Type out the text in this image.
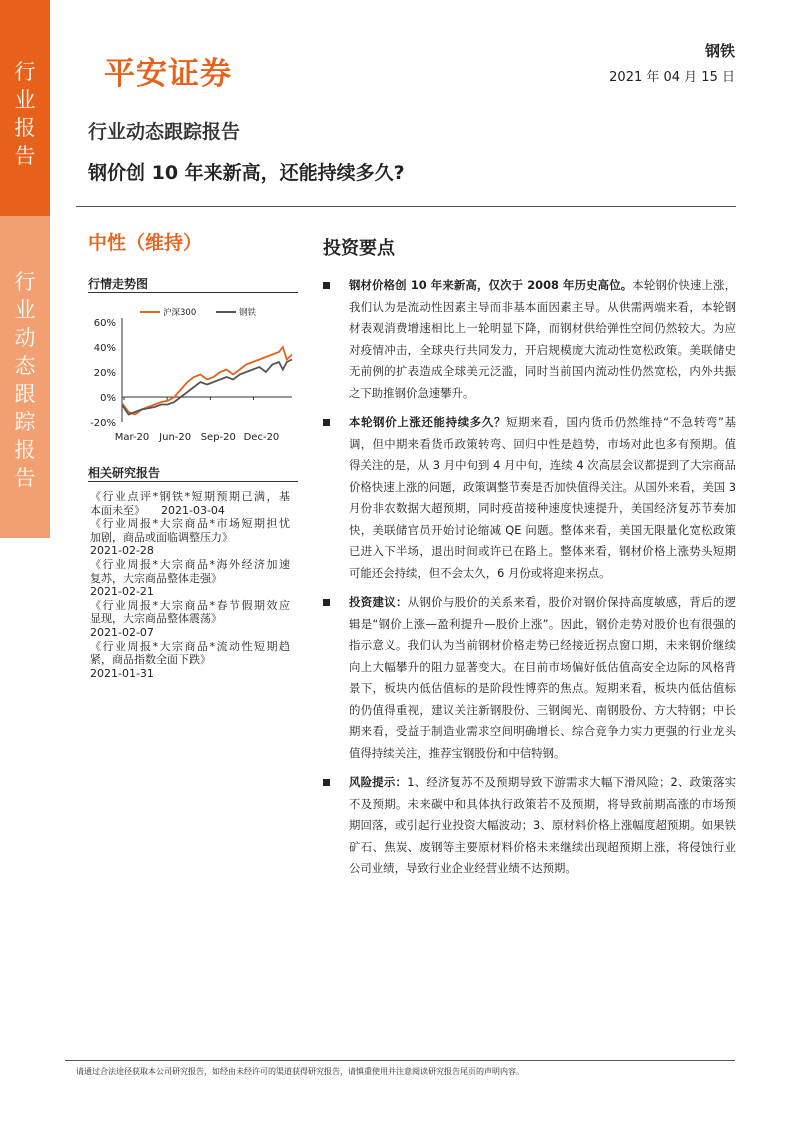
行
业
报
告
行
业
动
态
跟
踪
报
告
平安证券
钢铁
2021 年 04 月 15 日
行业动态跟踪报告
钢价创 10 年来新高，还能持续多久?
中性（维持）
行情走势图
60%
40%
20%
0%
-20%
Mar-20 Jun-20 Sep-20 Dec-20
沪深300	钢铁
相关研究报告
《行业点评*钢铁*短期预期已满，基
本面未至》 2021-03-04
《行业周报*大宗商品*市场短期担忧
加剧，商品或面临调整压力》
2021-02-28
《行业周报*大宗商品*海外经济加速
复苏，大宗商品整体走强》
2021-02-21
《行业周报*大宗商品*春节假期效应
显现，大宗商品整体震荡》
2021-02-07
《行业周报*大宗商品*流动性短期趋
紧，商品指数全面下跌》
2021-01-31
投资要点
钢材价格创 10 年来新高，仅次于 2008 年历史高位。本轮钢价快速上涨，我们认为是流动性因素主导而非基本面因素主导。从供需两端来看，本轮钢材表观消费增速相比上一轮明显下降，而钢材供给弹性空间仍然较大。为应对疫情冲击，全球央行共同发力，开启规模庞大流动性宽松政策。美联储史无前例的扩表造成全球美元泛滥，同时当前国内流动性仍然宽松，内外共振之下助推钢价急速攀升。
本轮钢价上涨还能持续多久？短期来看，国内货币仍然维持“不急转弯”基调，但中期来看货币政策转弯、回归中性是趋势，市场对此也多有预期。值得关注的是，从 3 月中旬到 4 月中旬，连续 4 次高层会议都提到了大宗商品价格快速上涨的问题，政策调整节奏是否加快值得关注。从国外来看，美国 3 月份非农数据大超预期，同时疫苗接种速度快速提升，美国经济复苏节奏加快，美联储官员开始讨论缩减 QE 问题。整体来看，美国无限量化宽松政策已进入下半场，退出时间或许已在路上。整体来看，钢材价格上涨势头短期可能还会持续，但不会太久，6 月份或将迎来拐点。
投资建议：从钢价与股价的关系来看，股价对钢价保持高度敏感，背后的逻辑是“钢价上涨—盈利提升—股价上涨”。因此，钢价走势对股价也有很强的指示意义。我们认为当前钢材价格走势已经接近拐点窗口期，未来钢价继续向上大幅攀升的阻力显著变大。在目前市场偏好低估值高安全边际的风格背景下，板块内低估值标的是阶段性博弈的焦点。短期来看，板块内低估值标的仍值得重视，建议关注新钢股份、三钢闽光、南钢股份、方大特钢；中长期来看，受益于制造业需求空间明确增长、综合竞争力实力更强的行业龙头值得持续关注，推荐宝钢股份和中信特钢。
风险提示：1、经济复苏不及预期导致下游需求大幅下滑风险；2、政策落实不及预期。未来碳中和具体执行政策若不及预期，将导致前期高涨的市场预期回落，或引起行业投资大幅波动；3、原材料价格上涨幅度超预期。如果铁矿石、焦炭、废钢等主要原材料价格未来继续出现超预期上涨，将侵蚀行业公司业绩，导致行业企业经营业绩不达预期。
请通过合法途径获取本公司研究报告，如经由未经许可的渠道获得研究报告，请慎重使用并注意阅读研究报告尾页的声明内容。
